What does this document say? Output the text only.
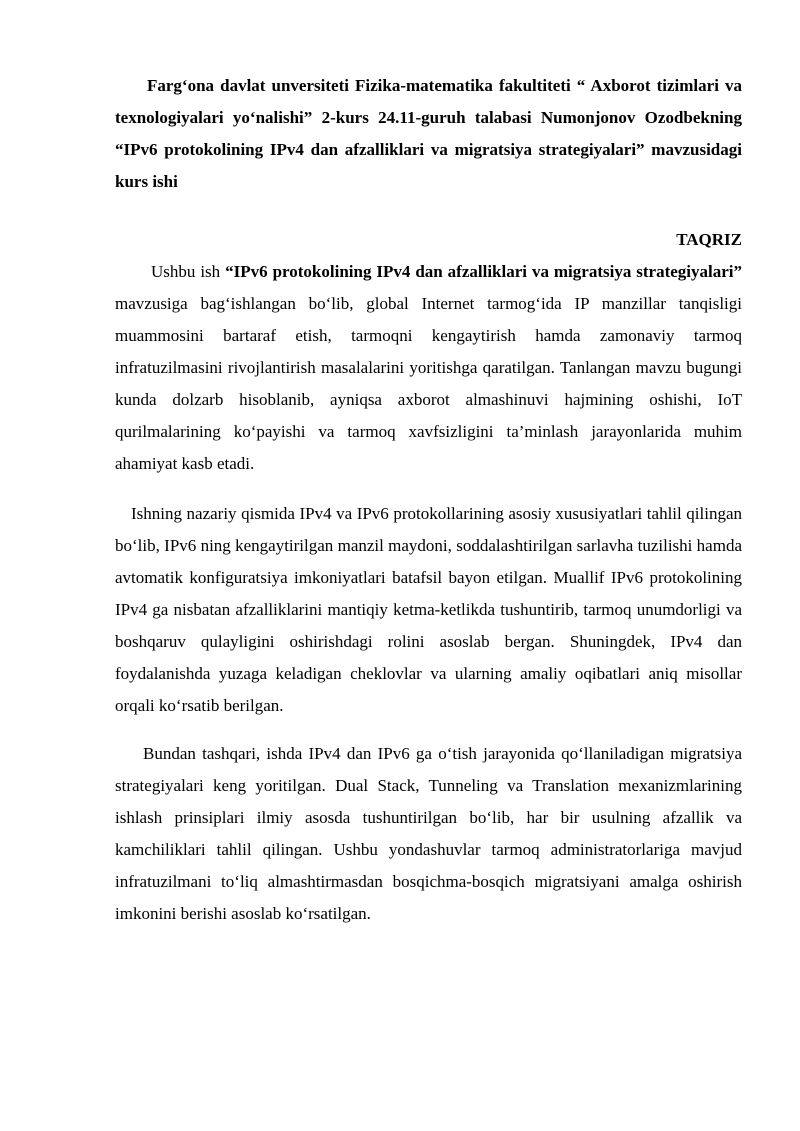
Farg‘ona davlat unversiteti Fizika-matematika fakultiteti “ Axborot tizimlari va texnologiyalari yo‘nalishi” 2-kurs 24.11-guruh talabasi Numonjonov Ozodbekning “IPv6 protokolining IPv4 dan afzalliklari va migratsiya strategiyalari” mavzusidagi kurs ishi

TAQRIZ

Ushbu ish “IPv6 protokolining IPv4 dan afzalliklari va migratsiya strategiyalari” mavzusiga bag‘ishlangan bo‘lib, global Internet tarmog‘ida IP manzillar tanqisligi muammosini bartaraf etish, tarmoqni kengaytirish hamda zamonaviy tarmoq infratuzilmasini rivojlantirish masalalarini yoritishga qaratilgan. Tanlangan mavzu bugungi kunda dolzarb hisoblanib, ayniqsa axborot almashinuvi hajmining oshishi, IoT qurilmalarining ko‘payishi va tarmoq xavfsizligini ta’minlash jarayonlarida muhim ahamiyat kasb etadi.

Ishning nazariy qismida IPv4 va IPv6 protokollarining asosiy xususiyatlari tahlil qilingan bo‘lib, IPv6 ning kengaytirilgan manzil maydoni, soddalashtirilgan sarlavha tuzilishi hamda avtomatik konfiguratsiya imkoniyatlari batafsil bayon etilgan. Muallif IPv6 protokolining IPv4 ga nisbatan afzalliklarini mantiqiy ketma-ketlikda tushuntirib, tarmoq unumdorligi va boshqaruv qulayligini oshirishdagi rolini asoslab bergan. Shuningdek, IPv4 dan foydalanishda yuzaga keladigan cheklovlar va ularning amaliy oqibatlari aniq misollar orqali ko‘rsatib berilgan.

Bundan tashqari, ishda IPv4 dan IPv6 ga o‘tish jarayonida qo‘llaniladigan migratsiya strategiyalari keng yoritilgan. Dual Stack, Tunneling va Translation mexanizmlarining ishlash prinsiplari ilmiy asosda tushuntirilgan bo‘lib, har bir usulning afzallik va kamchiliklari tahlil qilingan. Ushbu yondashuvlar tarmoq administratorlariga mavjud infratuzilmani to‘liq almashtirmasdan bosqichma-bosqich migratsiyani amalga oshirish imkonini berishi asoslab ko‘rsatilgan.
